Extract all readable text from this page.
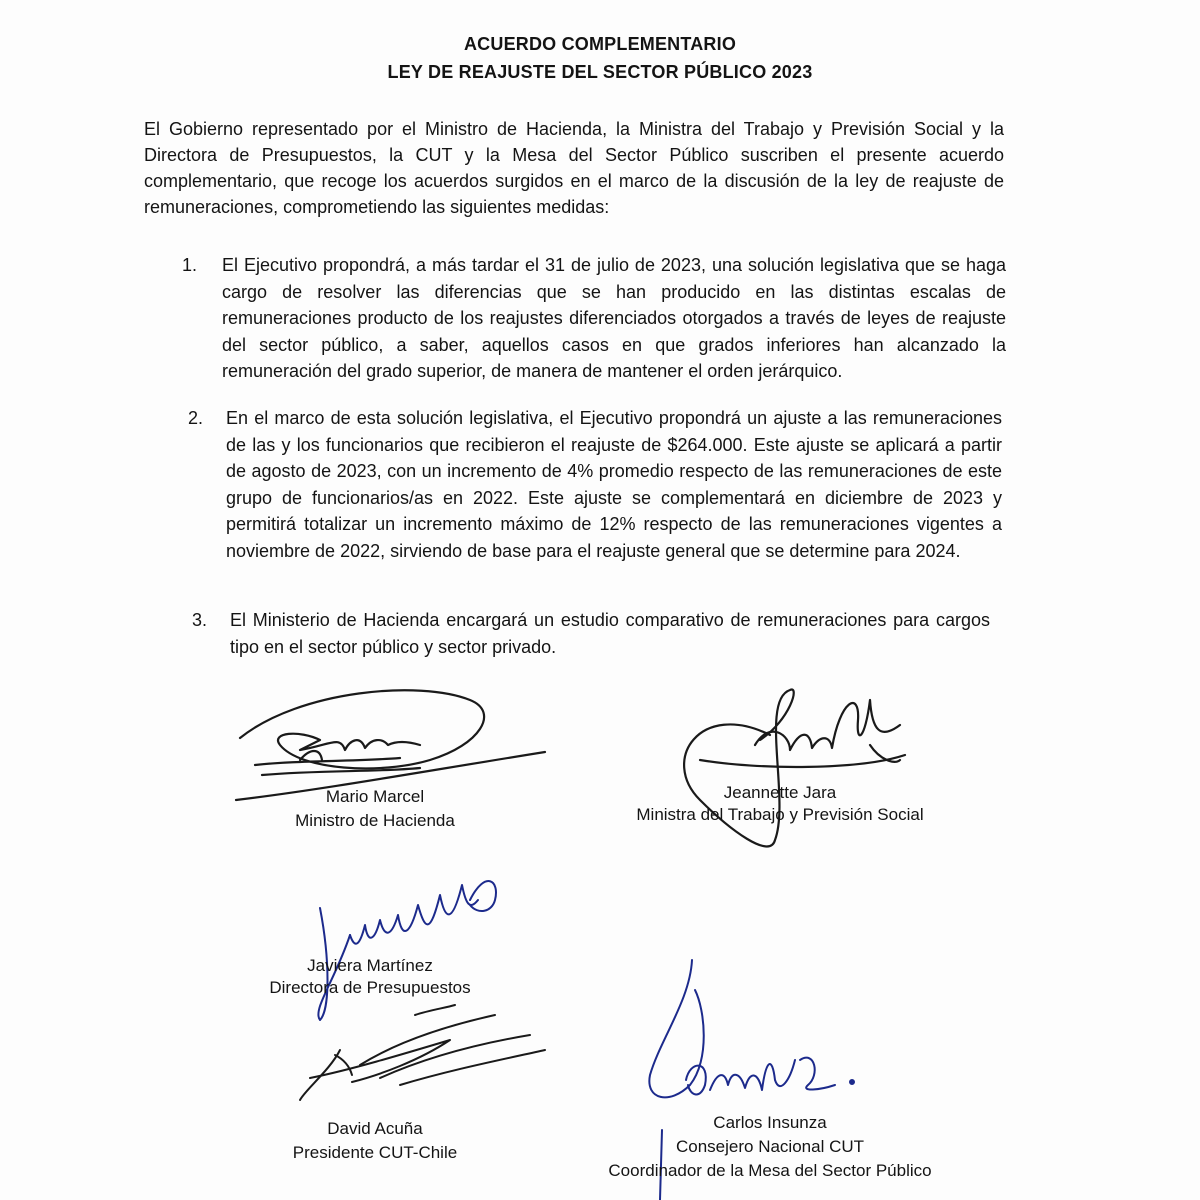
ACUERDO COMPLEMENTARIO
LEY DE REAJUSTE DEL SECTOR PÚBLICO 2023
El Gobierno representado por el Ministro de Hacienda, la Ministra del Trabajo y Previsión Social y la Directora de Presupuestos, la CUT y la Mesa del Sector Público suscriben el presente acuerdo complementario, que recoge los acuerdos surgidos en el marco de la discusión de la ley de reajuste de remuneraciones, comprometiendo las siguientes medidas:
1. El Ejecutivo propondrá, a más tardar el 31 de julio de 2023, una solución legislativa que se haga cargo de resolver las diferencias que se han producido en las distintas escalas de remuneraciones producto de los reajustes diferenciados otorgados a través de leyes de reajuste del sector público, a saber, aquellos casos en que grados inferiores han alcanzado la remuneración del grado superior, de manera de mantener el orden jerárquico.
2. En el marco de esta solución legislativa, el Ejecutivo propondrá un ajuste a las remuneraciones de las y los funcionarios que recibieron el reajuste de $264.000. Este ajuste se aplicará a partir de agosto de 2023, con un incremento de 4% promedio respecto de las remuneraciones de este grupo de funcionarios/as en 2022. Este ajuste se complementará en diciembre de 2023 y permitirá totalizar un incremento máximo de 12% respecto de las remuneraciones vigentes a noviembre de 2022, sirviendo de base para el reajuste general que se determine para 2024.
3. El Ministerio de Hacienda encargará un estudio comparativo de remuneraciones para cargos tipo en el sector público y sector privado.
Mario Marcel
Ministro de Hacienda
Jeannette Jara
Ministra del Trabajo y Previsión Social
Javiera Martínez
Directora de Presupuestos
David Acuña
Presidente CUT-Chile
Carlos Insunza
Consejero Nacional CUT
Coordinador de la Mesa del Sector Público
